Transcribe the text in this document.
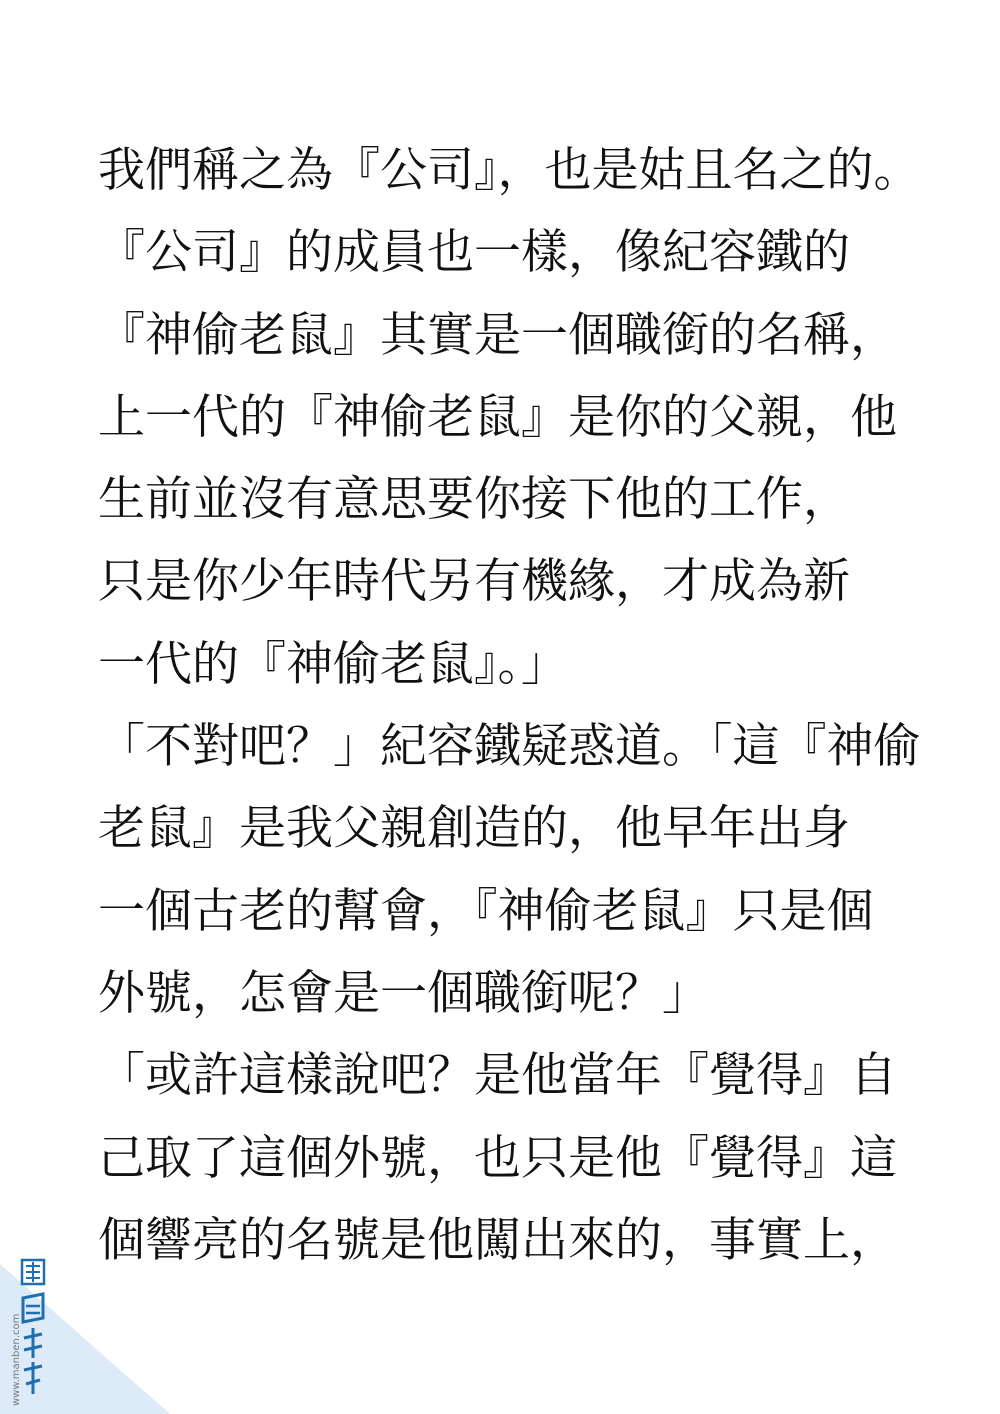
我們稱之為『公司』，也是姑且名之的。
『公司』的成員也一樣，像紀容鐵的
『神偷老鼠』其實是一個職銜的名稱，
上一代的『神偷老鼠』是你的父親，他
生前並沒有意思要你接下他的工作，
只是你少年時代另有機緣，才成為新
一代的『神偷老鼠』。」
「不對吧？」紀容鐵疑惑道。「這『神偷
老鼠』是我父親創造的，他早年出身
一個古老的幫會，『神偷老鼠』只是個
外號，怎會是一個職銜呢？」
「或許這樣說吧？是他當年『覺得』自
己取了這個外號，也只是他『覺得』這
個響亮的名號是他闖出來的，事實上，
www.manben.com
